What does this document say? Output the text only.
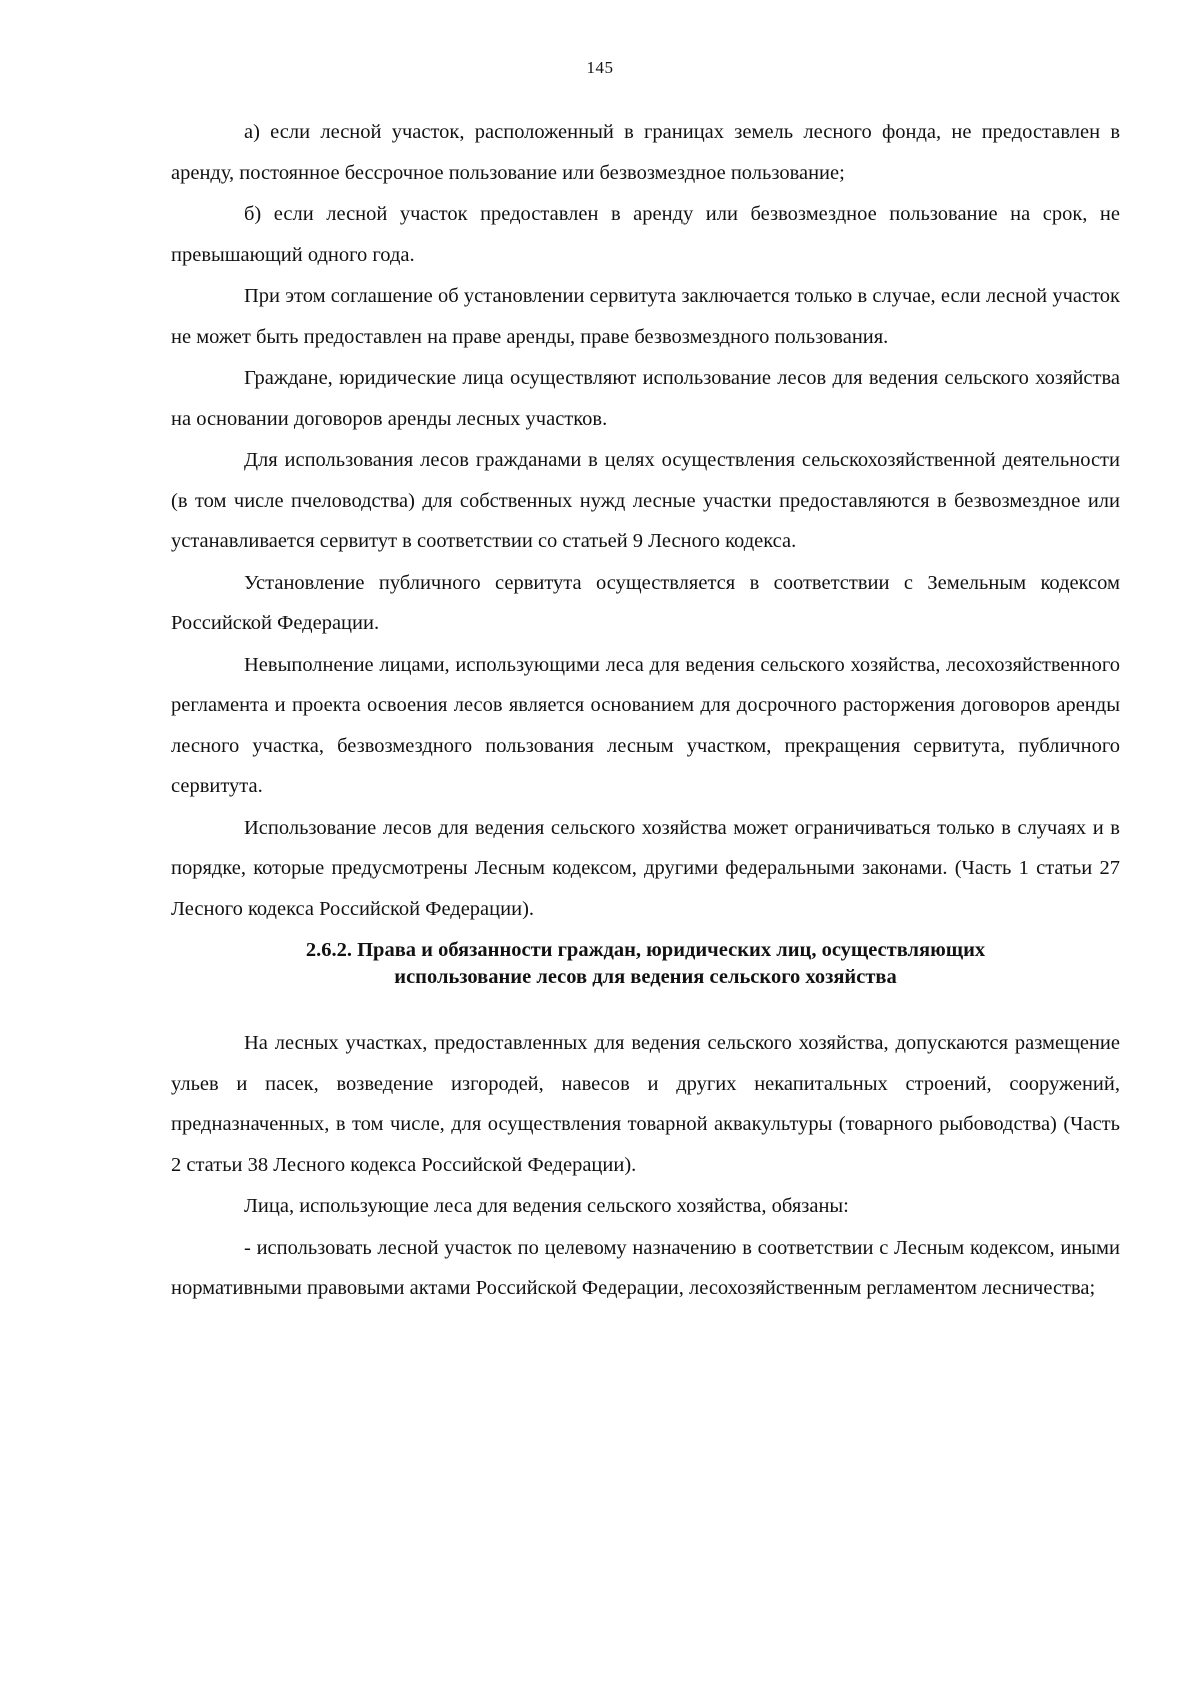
145

а) если лесной участок, расположенный в границах земель лесного фонда, не предоставлен в аренду, постоянное бессрочное пользование или безвозмездное пользование;

б) если лесной участок предоставлен в аренду или безвозмездное пользование на срок, не превышающий одного года.

При этом соглашение об установлении сервитута заключается только в случае, если лесной участок не может быть предоставлен на праве аренды, праве безвозмездного пользования.

Граждане, юридические лица осуществляют использование лесов для ведения сельского хозяйства на основании договоров аренды лесных участков.

Для использования лесов гражданами в целях осуществления сельскохозяйственной деятельности (в том числе пчеловодства) для собственных нужд лесные участки предоставляются в безвозмездное или устанавливается сервитут в соответствии со статьей 9 Лесного кодекса.

Установление публичного сервитута осуществляется в соответствии с Земельным кодексом Российской Федерации.

Невыполнение лицами, использующими леса для ведения сельского хозяйства, лесохозяйственного регламента и проекта освоения лесов является основанием для досрочного расторжения договоров аренды лесного участка, безвозмездного пользования лесным участком, прекращения сервитута, публичного сервитута.

Использование лесов для ведения сельского хозяйства может ограничиваться только в случаях и в порядке, которые предусмотрены Лесным кодексом, другими федеральными законами. (Часть 1 статьи 27 Лесного кодекса Российской Федерации).

2.6.2. Права и обязанности граждан, юридических лиц, осуществляющих
использование лесов для ведения сельского хозяйства

На лесных участках, предоставленных для ведения сельского хозяйства, допускаются размещение ульев и пасек, возведение изгородей, навесов и других некапитальных строений, сооружений, предназначенных, в том числе, для осуществления товарной аквакультуры (товарного рыбоводства) (Часть 2 статьи 38 Лесного кодекса Российской Федерации).

Лица, использующие леса для ведения сельского хозяйства, обязаны:

- использовать лесной участок по целевому назначению в соответствии с Лесным кодексом, иными нормативными правовыми актами Российской Федерации, лесохозяйственным регламентом лесничества;
